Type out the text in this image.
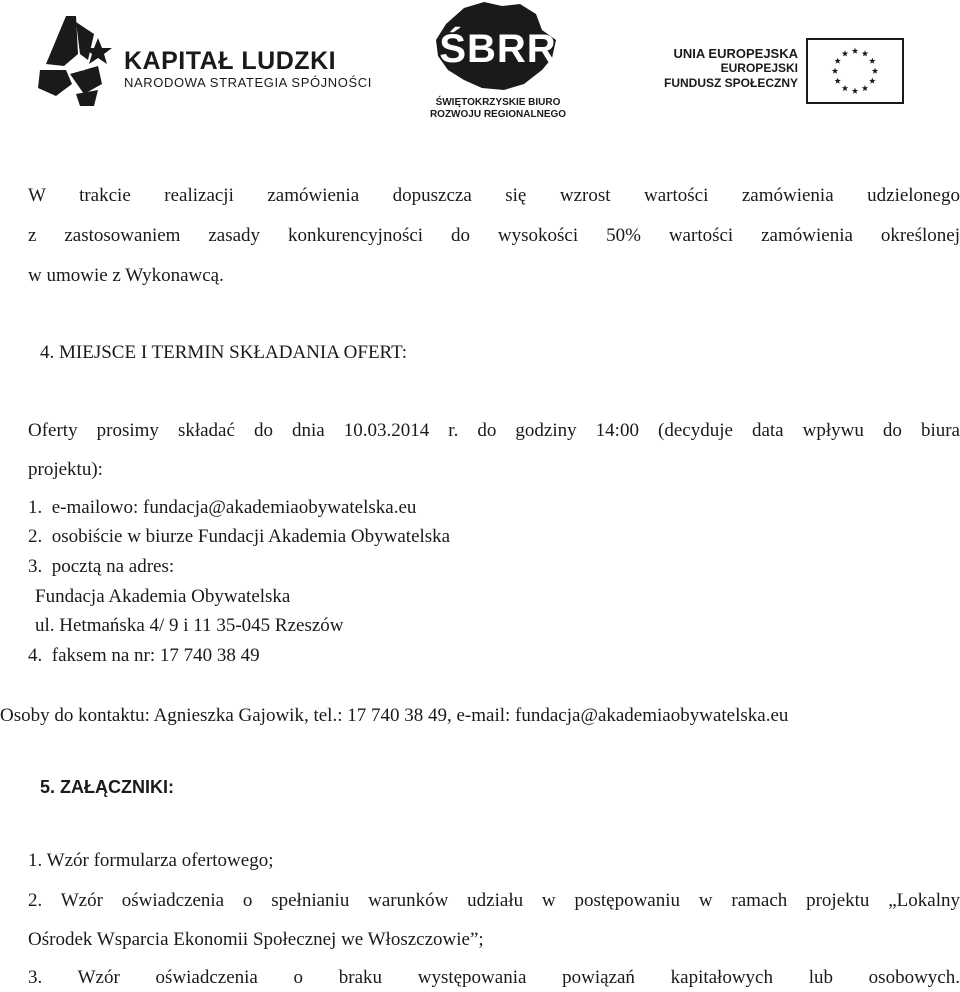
KAPITAŁ LUDZKI
NARODOWA STRATEGIA SPÓJNOŚCI
ŚBRR
ŚWIĘTOKRZYSKIE BIURO
ROZWOJU REGIONALNEGO
UNIA EUROPEJSKA
EUROPEJSKI
FUNDUSZ SPOŁECZNY
W trakcie realizacji zamówienia dopuszcza się wzrost wartości zamówienia udzielonego
z zastosowaniem zasady konkurencyjności do wysokości 50% wartości zamówienia określonej
w umowie z Wykonawcą.
4. MIEJSCE I TERMIN SKŁADANIA OFERT:
Oferty prosimy składać do dnia 10.03.2014 r. do godziny 14:00 (decyduje data wpływu do biura
projektu):
1.  e-mailowo: fundacja@akademiaobywatelska.eu
2.  osobiście w biurze Fundacji Akademia Obywatelska
3.  pocztą na adres:
Fundacja Akademia Obywatelska
ul. Hetmańska 4/ 9 i 11 35-045 Rzeszów
4.  faksem na nr: 17 740 38 49
Osoby do kontaktu: Agnieszka Gajowik, tel.: 17 740 38 49, e-mail: fundacja@akademiaobywatelska.eu
5. ZAŁĄCZNIKI:
1. Wzór formularza ofertowego;
2. Wzór oświadczenia o spełnianiu warunków udziału w postępowaniu w ramach projektu „Lokalny
Ośrodek Wsparcia Ekonomii Społecznej we Włoszczowie”;
3. Wzór oświadczenia o braku występowania powiązań kapitałowych lub osobowych.
